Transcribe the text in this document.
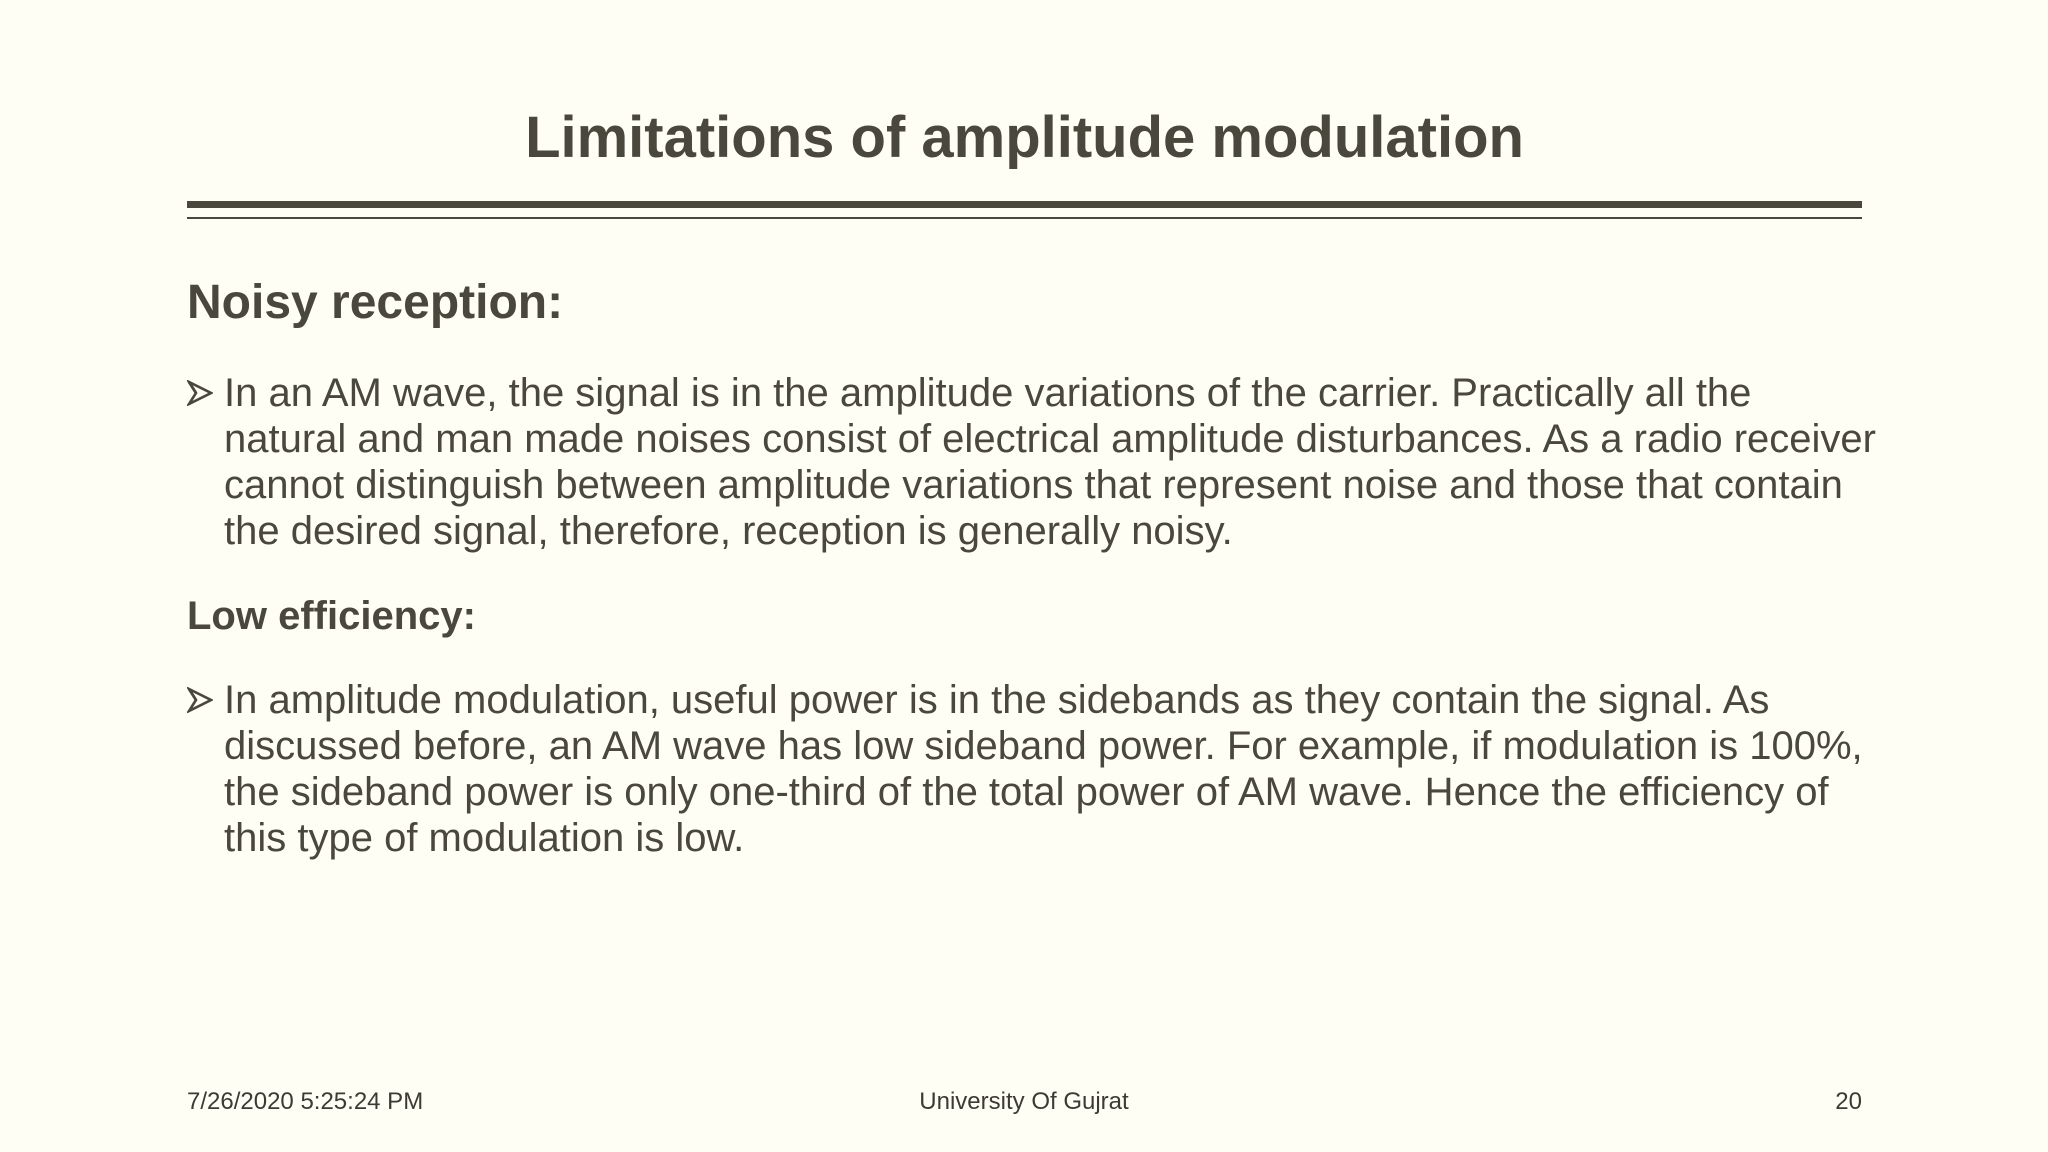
Limitations of amplitude modulation
Noisy reception:
In an AM wave, the signal is in the amplitude variations of the carrier. Practically all the natural and man made noises consist of electrical amplitude disturbances. As a radio receiver cannot distinguish between amplitude variations that represent noise and those that contain the desired signal, therefore, reception is generally noisy.
Low efficiency:
In amplitude modulation, useful power is in the sidebands as they contain the signal. As discussed before, an AM wave has low sideband power. For example, if modulation is 100%, the sideband power is only one-third of the total power of AM wave. Hence the efficiency of this type of modulation is low.
7/26/2020 5:25:24 PM	University Of Gujrat	20
